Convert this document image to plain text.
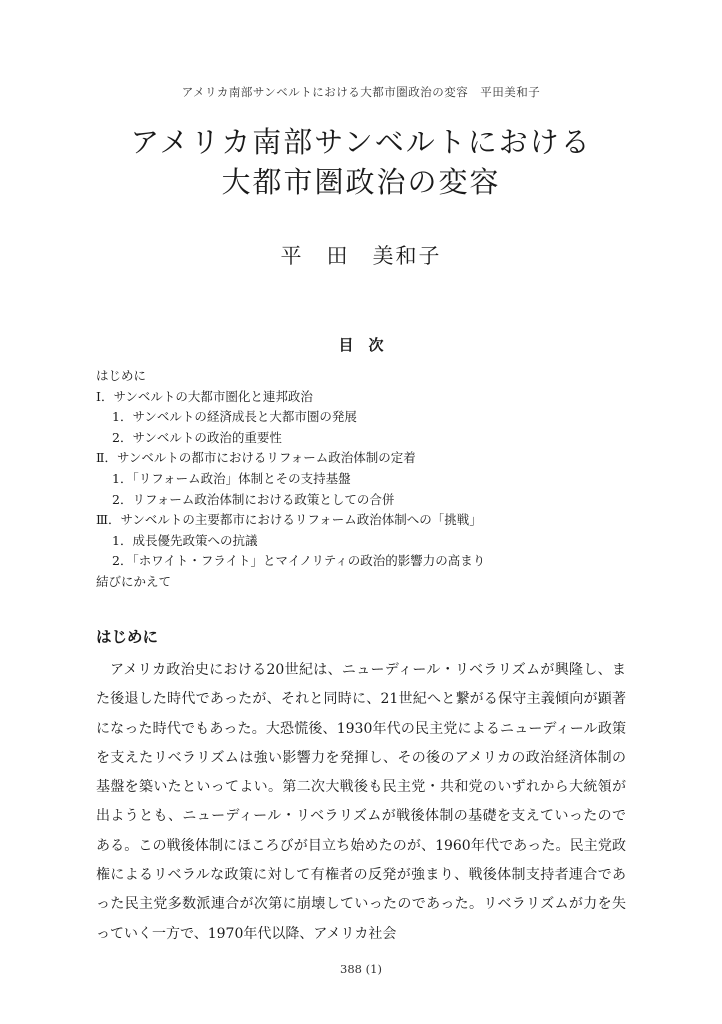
アメリカ南部サンベルトにおける大都市圏政治の変容　平田美和子
アメリカ南部サンベルトにおける
大都市圏政治の変容
平　田　美和子
目　次
はじめに
Ⅰ．サンベルトの大都市圏化と連邦政治
1．サンベルトの経済成長と大都市圏の発展
2．サンベルトの政治的重要性
Ⅱ．サンベルトの都市におけるリフォーム政治体制の定着
1．「リフォーム政治」体制とその支持基盤
2．リフォーム政治体制における政策としての合併
Ⅲ．サンベルトの主要都市におけるリフォーム政治体制への「挑戦」
1．成長優先政策への抗議
2．「ホワイト・フライト」とマイノリティの政治的影響力の高まり
結びにかえて
はじめに

アメリカ政治史における20世紀は、ニューディール・リベラリズムが興隆し、また後退した時代であったが、それと同時に、21世紀へと繋がる保守主義傾向が顕著になった時代でもあった。大恐慌後、1930年代の民主党によるニューディール政策を支えたリベラリズムは強い影響力を発揮し、その後のアメリカの政治経済体制の基盤を築いたといってよい。第二次大戦後も民主党・共和党のいずれから大統領が出ようとも、ニューディール・リベラリズムが戦後体制の基礎を支えていったのである。この戦後体制にほころびが目立ち始めたのが、1960年代であった。民主党政権によるリベラルな政策に対して有権者の反発が強まり、戦後体制支持者連合であった民主党多数派連合が次第に崩壊していったのであった。リベラリズムが力を失っていく一方で、1970年代以降、アメリカ社会

388 (1)
